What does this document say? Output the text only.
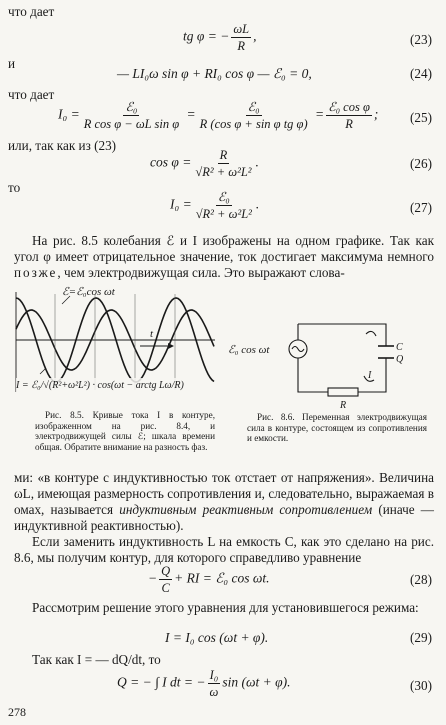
что дает
tg φ = − $\frac{\omega L}{R}$ ,	(23)
и
— LI₀ω sin φ + RI₀ cos φ — ℰ₀ = 0,	(24)
что дает
$I_0 = \frac{\text{ℰ₀}}{\text{R cos φ − ωL sin φ}} = \frac{\text{ℰ₀}}{\text{R (cos φ + sin φ tg φ)}} = \frac{\text{ℰ₀ cos φ}}{R}$ ; (25)
или, так как из (23)
$\cos \varphi = \frac{R}{\text{√R² + ω²L²}}$ .	(26)
то
$I_0 = \frac{\text{ℰ₀}}{\text{√R² + ω²L²}}$ .	(27)
На рис. 8.5 колебания ℰ и I изображены на одном графике. Так как угол φ имеет отрицательное значение, ток достигает максимума немного позже, чем электродвижущая сила. Это выражают слова-
ℰ=ℰ₀cos ωt
t
I = ℰ₀/√(R²+ω²L²) · cos(ωt − arctg Lω/R)
Рис. 8.5. Кривые тока I в контуре, изображенном на рис. 8.4, и электродвижущей силы ℰ; шкала времени общая. Обратите внимание на разность фаз.
ℰ₀ cos ωt	C
Q
I
R
Рис. 8.6. Переменная электродвижущая сила в контуре, состоящем из сопротивления и емкости.
ми: «в контуре с индуктивностью ток отстает от напряжения». Величина ωL, имеющая размерность сопротивления и, следовательно, выражаемая в омах, называется индуктивным реактивным сопротивлением (иначе — индуктивной реактивностью).
Если заменить индуктивность L на емкость C, как это сделано на рис. 8.6, мы получим контур, для которого справедливо уравнение
− $\frac{Q}{C}$ + RI = ℰ₀ cos ωt.	(28)
Рассмотрим решение этого уравнения для установившегося режима:
I = I₀ cos (ωt + φ).	(29)
Так как I = — dQ/dt, то
Q = − ∫ I dt = − $\frac{\text{I₀}}{\omega}$ sin (ωt + φ).	(30)
278
